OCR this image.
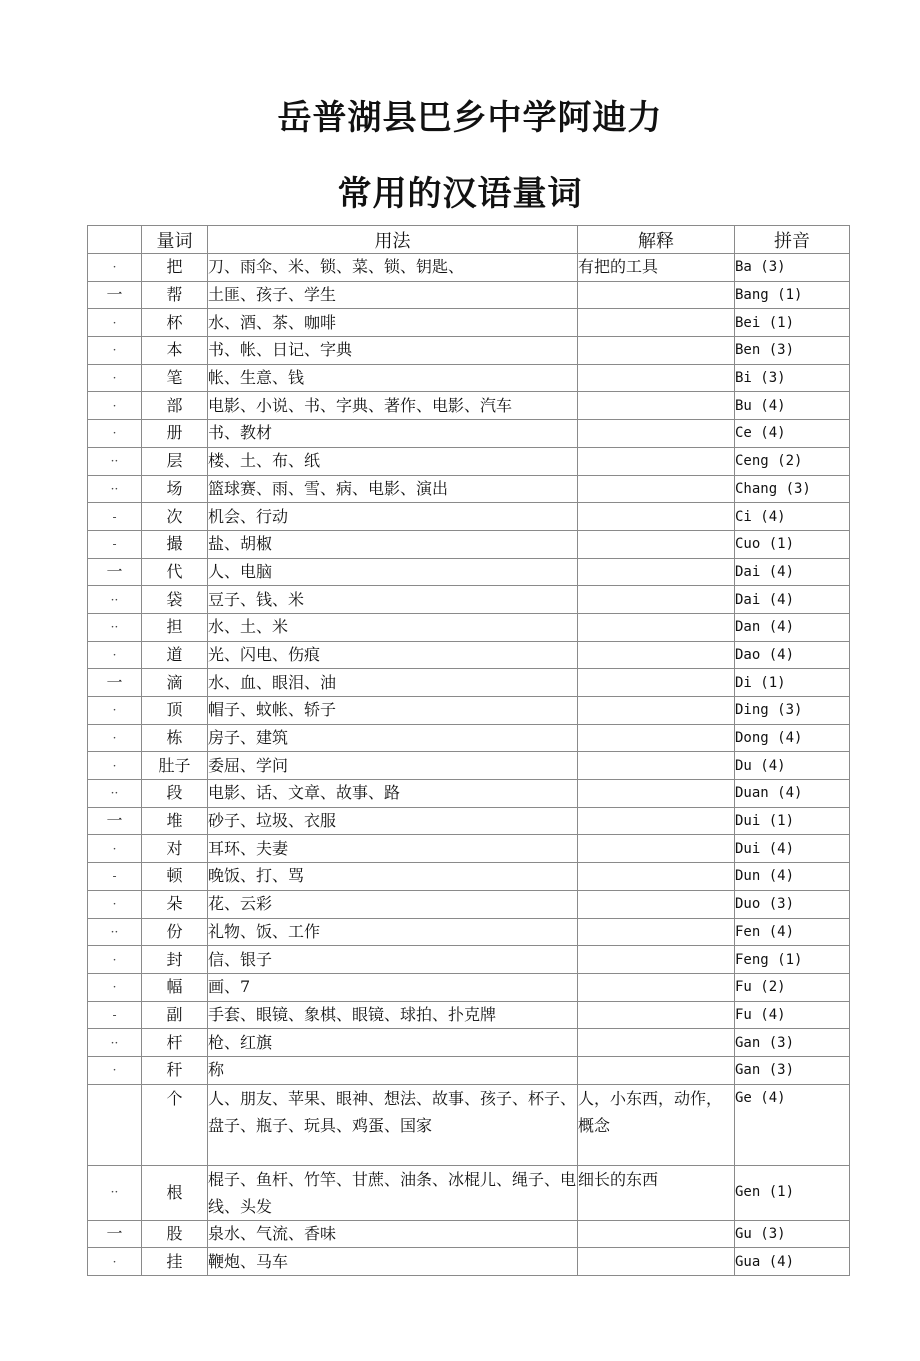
岳普湖县巴乡中学阿迪力
常用的汉语量词
	量词	用法	解释	拼音
·	把	刀、雨伞、米、锁、菜、锁、钥匙、	有把的工具	Ba (3)
一	帮	土匪、孩子、学生		Bang (1)
·	杯	水、酒、茶、咖啡		Bei (1)
·	本	书、帐、日记、字典		Ben (3)
·	笔	帐、生意、钱		Bi (3)
·	部	电影、小说、书、字典、著作、电影、汽车		Bu (4)
·	册	书、教材		Ce (4)
··	层	楼、土、布、纸		Ceng (2)
··	场	篮球赛、雨、雪、病、电影、演出		Chang (3)
-	次	机会、行动		Ci (4)
-	撮	盐、胡椒		Cuo (1)
一	代	人、电脑		Dai (4)
··	袋	豆子、钱、米		Dai (4)
··	担	水、土、米		Dan (4)
·	道	光、闪电、伤痕		Dao (4)
一	滴	水、血、眼泪、油		Di (1)
·	顶	帽子、蚊帐、轿子		Ding (3)
·	栋	房子、建筑		Dong (4)
·	肚子	委屈、学问		Du (4)
··	段	电影、话、文章、故事、路		Duan (4)
一	堆	砂子、垃圾、衣服		Dui (1)
·	对	耳环、夫妻		Dui (4)
-	顿	晚饭、打、骂		Dun (4)
·	朵	花、云彩		Duo (3)
··	份	礼物、饭、工作		Fen (4)
·	封	信、银子		Feng (1)
·	幅	画、7		Fu (2)
-	副	手套、眼镜、象棋、眼镜、球拍、扑克牌		Fu (4)
··	杆	枪、红旗		Gan (3)
·	秆	称		Gan (3)
	个	人、朋友、苹果、眼神、想法、故事、孩子、杯子、盘子、瓶子、玩具、鸡蛋、国家	人，小东西，动作，概念	Ge (4)
··	根	棍子、鱼杆、竹竿、甘蔗、油条、冰棍儿、绳子、电线、头发	细长的东西	Gen (1)
一	股	泉水、气流、香味		Gu (3)
·	挂	鞭炮、马车		Gua (4)
